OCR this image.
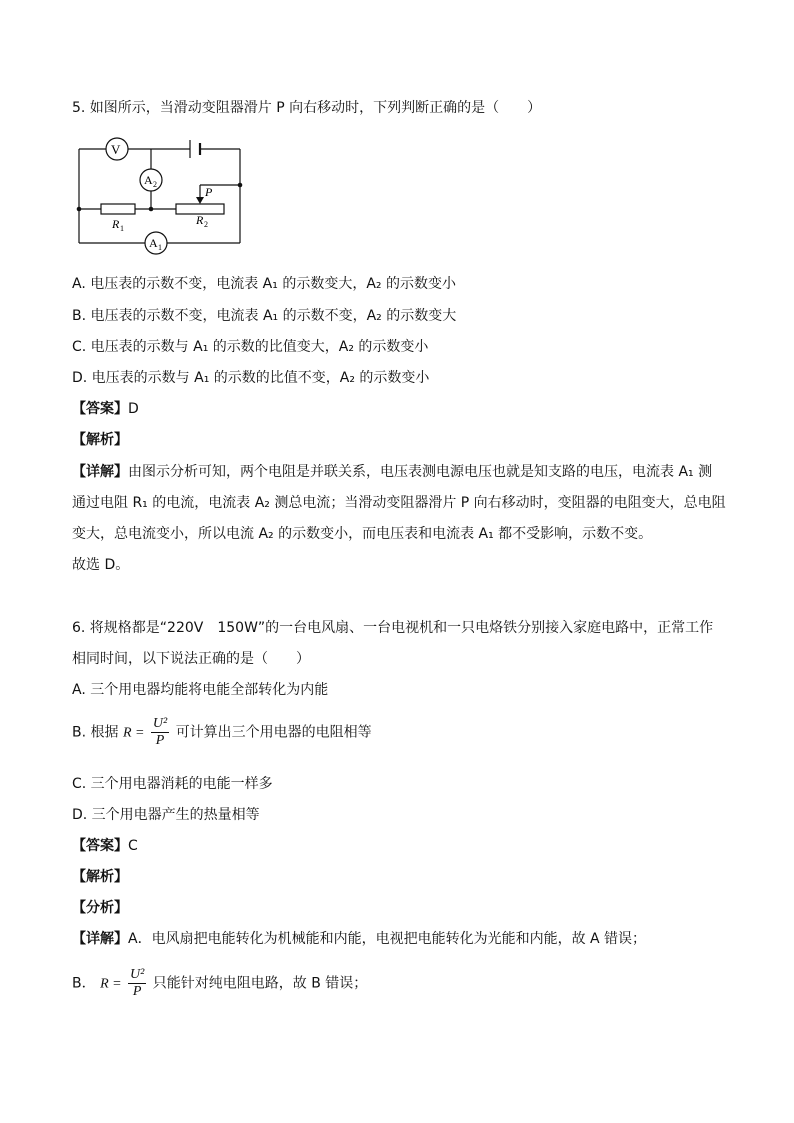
5. 如图所示，当滑动变阻器滑片 P 向右移动时，下列判断正确的是（　　）
V
A 2
A 1
R 1
R 2
P
A. 电压表的示数不变，电流表 A₁ 的示数变大，A₂ 的示数变小
B. 电压表的示数不变，电流表 A₁ 的示数不变，A₂ 的示数变大
C. 电压表的示数与 A₁ 的示数的比值变大，A₂ 的示数变小
D. 电压表的示数与 A₁ 的示数的比值不变，A₂ 的示数变小
【答案】D
【解析】
【详解】由图示分析可知，两个电阻是并联关系，电压表测电源电压也就是知支路的电压，电流表 A₁ 测
通过电阻 R₁ 的电流，电流表 A₂ 测总电流；当滑动变阻器滑片 P 向右移动时，变阻器的电阻变大，总电阻
变大，总电流变小，所以电流 A₂ 的示数变小，而电压表和电流表 A₁ 都不受影响，示数不变。
故选 D。
6. 将规格都是“220V　150W”的一台电风扇、一台电视机和一只电烙铁分别接入家庭电路中，正常工作
相同时间，以下说法正确的是（　　）
A. 三个用电器均能将电能全部转化为内能
B. 根据 $R = \frac{\text{U²}}{P}$ 可计算出三个用电器的电阻相等
C. 三个用电器消耗的电能一样多
D. 三个用电器产生的热量相等
【答案】C
【解析】
【分析】
【详解】A．电风扇把电能转化为机械能和内能，电视把电能转化为光能和内能，故 A 错误；
B． $R = \frac{\text{U²}}{P}$ 只能针对纯电阻电路，故 B 错误；
